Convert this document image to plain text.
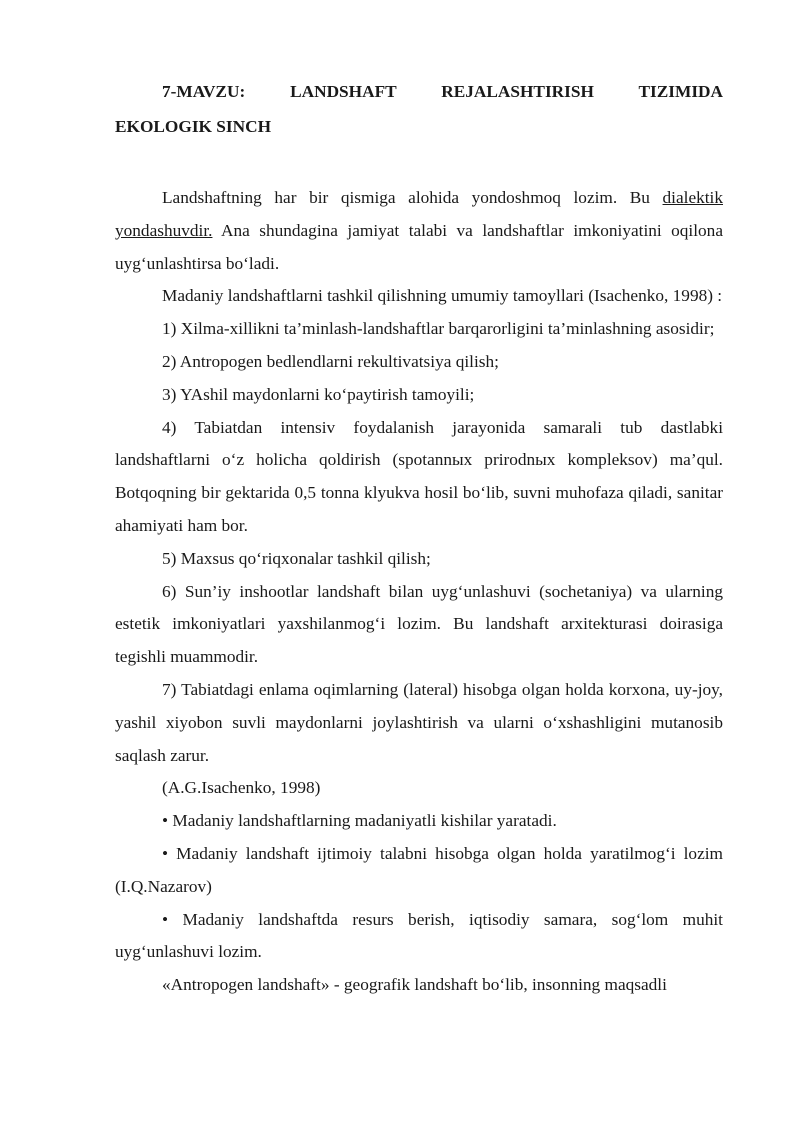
7-MAVZU: LANDSHAFT REJALASHTIRISH TIZIMIDA
EKOLOGIK SINCH

Landshaftning har bir qismiga alohida yondoshmoq lozim. Bu dialektik yondashuvdir. Ana shundagina jamiyat talabi va landshaftlar imkoniyatini oqilona uyg‘unlashtirsa bo‘ladi.

Madaniy landshaftlarni tashkil qilishning umumiy tamoyllari (Isachenko, 1998) :

1) Xilma-xillikni ta’minlash-landshaftlar barqarorligini ta’minlashning asosidir;

2) Antropogen bedlendlarni rekultivatsiya qilish;

3) YAshil maydonlarni ko‘paytirish tamoyili;

4) Tabiatdan intensiv foydalanish jarayonida samarali tub dastlabki landshaftlarni o‘z holicha qoldirish (spotannых prirodnых kompleksov) ma’qul. Botqoqning bir gektarida 0,5 tonna klyukva hosil bo‘lib, suvni muhofaza qiladi, sanitar ahamiyati ham bor.

5) Maxsus qo‘riqxonalar tashkil qilish;

6) Sun’iy inshootlar landshaft bilan uyg‘unlashuvi (sochetaniya) va ularning estetik imkoniyatlari yaxshilanmog‘i lozim. Bu landshaft arxitekturasi doirasiga tegishli muammodir.

7) Tabiatdagi enlama oqimlarning (lateral) hisobga olgan holda korxona, uy-joy, yashil xiyobon suvli maydonlarni joylashtirish va ularni o‘xshashligini mutanosib saqlash zarur.

(A.G.Isachenko, 1998)

• Madaniy landshaftlarning madaniyatli kishilar yaratadi.

• Madaniy landshaft ijtimoiy talabni hisobga olgan holda yaratilmog‘i lozim (I.Q.Nazarov)

• Madaniy landshaftda resurs berish, iqtisodiy samara, sog‘lom muhit uyg‘unlashuvi lozim.

«Antropogen landshaft» - geografik landshaft bo‘lib, insonning maqsadli
